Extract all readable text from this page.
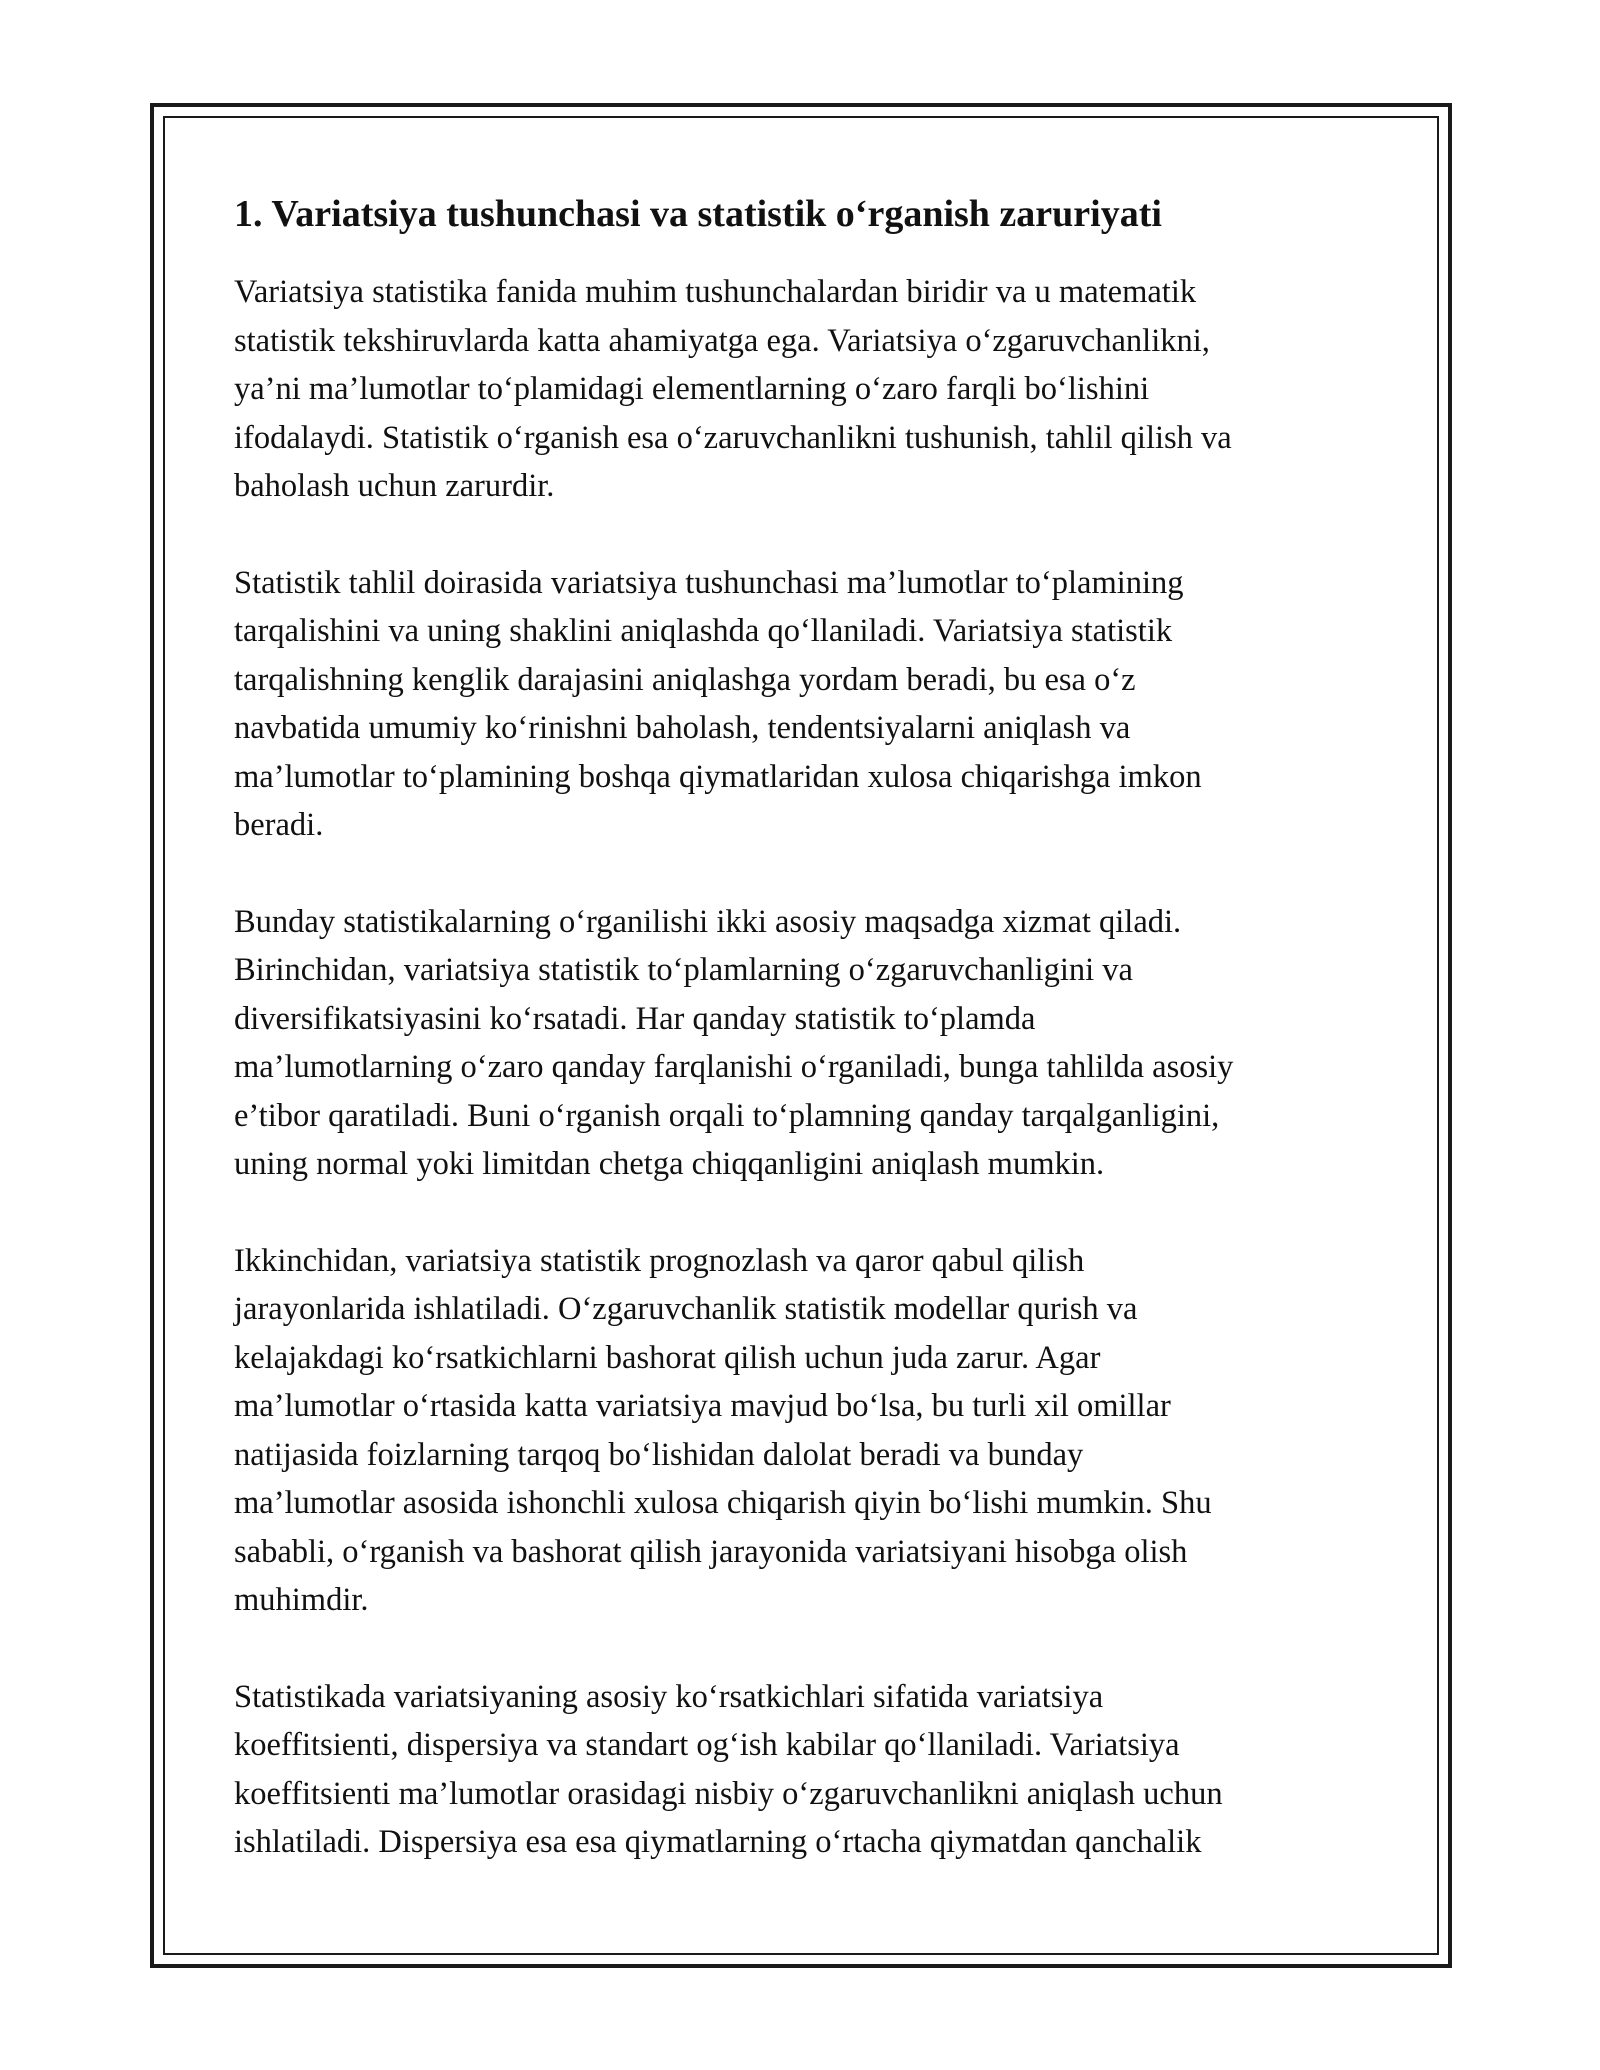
1. Variatsiya tushunchasi va statistik o‘rganish zaruriyati
Variatsiya statistika fanida muhim tushunchalardan biridir va u matematik
statistik tekshiruvlarda katta ahamiyatga ega. Variatsiya o‘zgaruvchanlikni,
ya’ni ma’lumotlar to‘plamidagi elementlarning o‘zaro farqli bo‘lishini
ifodalaydi. Statistik o‘rganish esa o‘zaruvchanlikni tushunish, tahlil qilish va
baholash uchun zarurdir.
Statistik tahlil doirasida variatsiya tushunchasi ma’lumotlar to‘plamining
tarqalishini va uning shaklini aniqlashda qo‘llaniladi. Variatsiya statistik
tarqalishning kenglik darajasini aniqlashga yordam beradi, bu esa o‘z
navbatida umumiy ko‘rinishni baholash, tendentsiyalarni aniqlash va
ma’lumotlar to‘plamining boshqa qiymatlaridan xulosa chiqarishga imkon
beradi.
Bunday statistikalarning o‘rganilishi ikki asosiy maqsadga xizmat qiladi.
Birinchidan, variatsiya statistik to‘plamlarning o‘zgaruvchanligini va
diversifikatsiyasini ko‘rsatadi. Har qanday statistik to‘plamda
ma’lumotlarning o‘zaro qanday farqlanishi o‘rganiladi, bunga tahlilda asosiy
e’tibor qaratiladi. Buni o‘rganish orqali to‘plamning qanday tarqalganligini,
uning normal yoki limitdan chetga chiqqanligini aniqlash mumkin.
Ikkinchidan, variatsiya statistik prognozlash va qaror qabul qilish
jarayonlarida ishlatiladi. O‘zgaruvchanlik statistik modellar qurish va
kelajakdagi ko‘rsatkichlarni bashorat qilish uchun juda zarur. Agar
ma’lumotlar o‘rtasida katta variatsiya mavjud bo‘lsa, bu turli xil omillar
natijasida foizlarning tarqoq bo‘lishidan dalolat beradi va bunday
ma’lumotlar asosida ishonchli xulosa chiqarish qiyin bo‘lishi mumkin. Shu
sababli, o‘rganish va bashorat qilish jarayonida variatsiyani hisobga olish
muhimdir.
Statistikada variatsiyaning asosiy ko‘rsatkichlari sifatida variatsiya
koeffitsienti, dispersiya va standart og‘ish kabilar qo‘llaniladi. Variatsiya
koeffitsienti ma’lumotlar orasidagi nisbiy o‘zgaruvchanlikni aniqlash uchun
ishlatiladi. Dispersiya esa esa qiymatlarning o‘rtacha qiymatdan qanchalik
